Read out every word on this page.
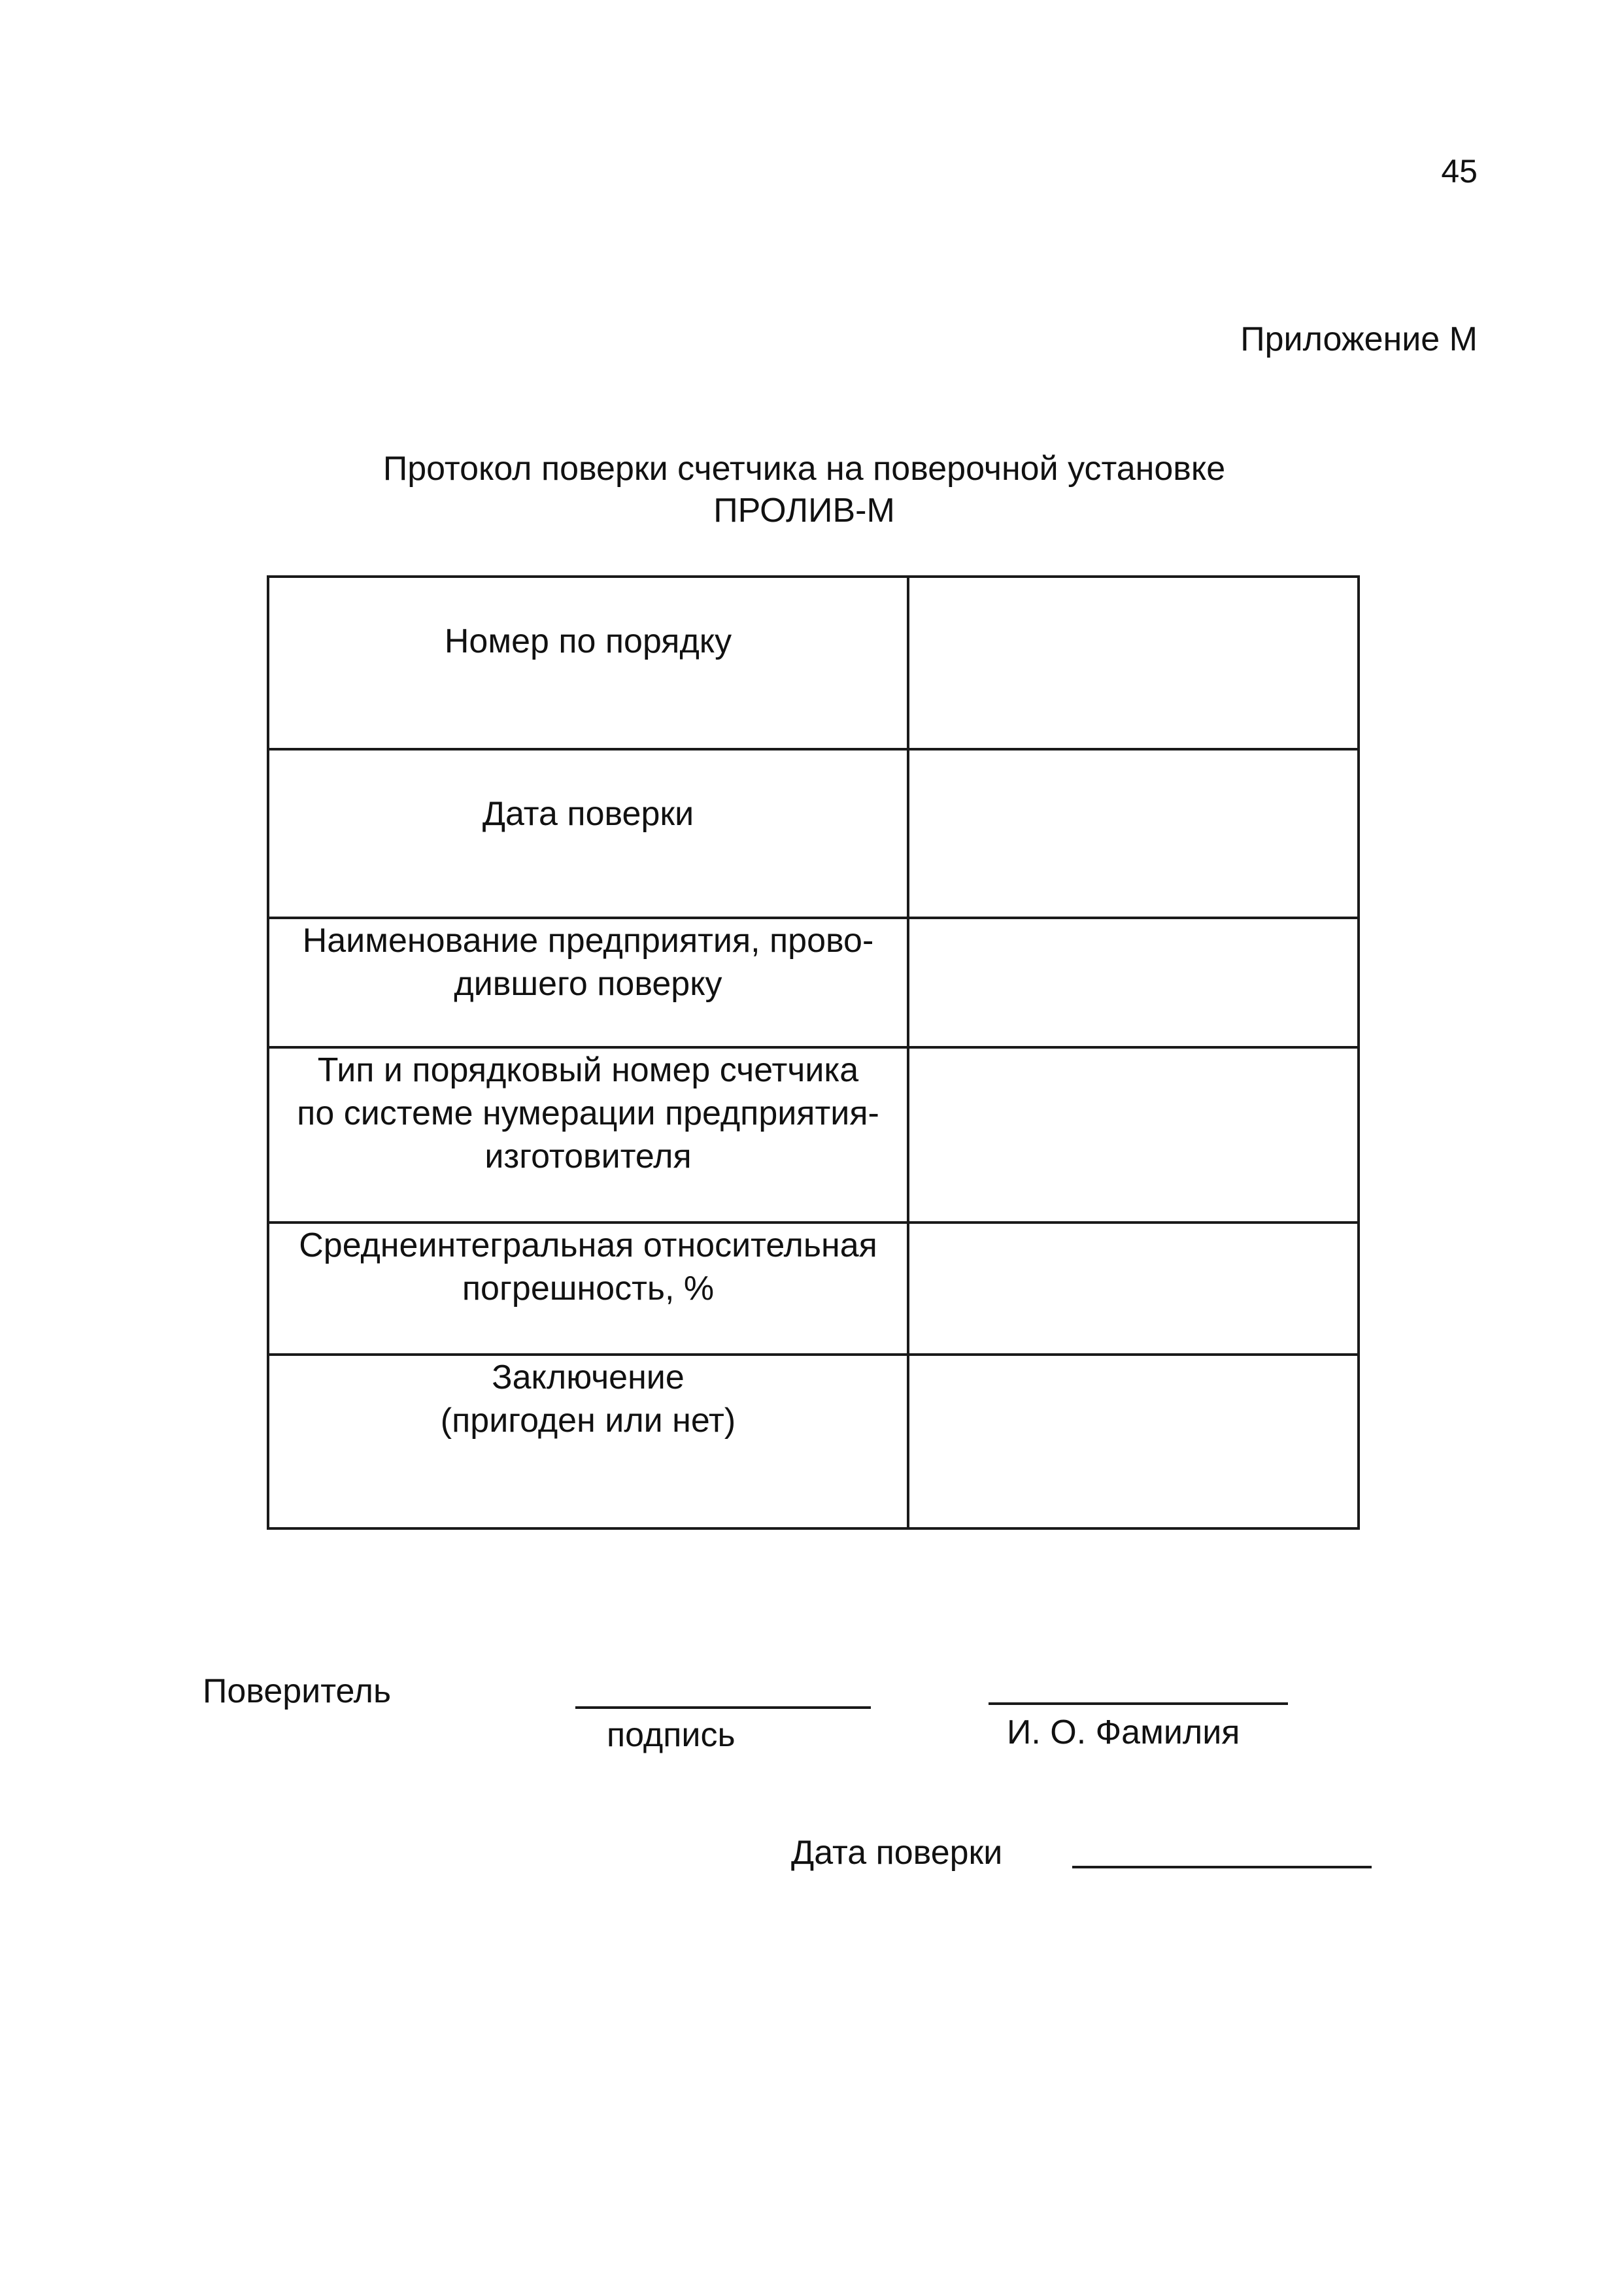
45
Приложение М
Протокол поверки счетчика на поверочной установке
ПРОЛИВ-М
Номер по порядку	

Дата поверки	

Наименование предприятия, прово-
дившего поверку	

Тип и порядковый номер счетчика
по системе нумерации предприятия-
изготовителя	

Среднеинтегральная относительная
погрешность, %	

Заключение
(пригоден или нет)	

Поверитель
подпись	И. О. Фамилия
Дата поверки
